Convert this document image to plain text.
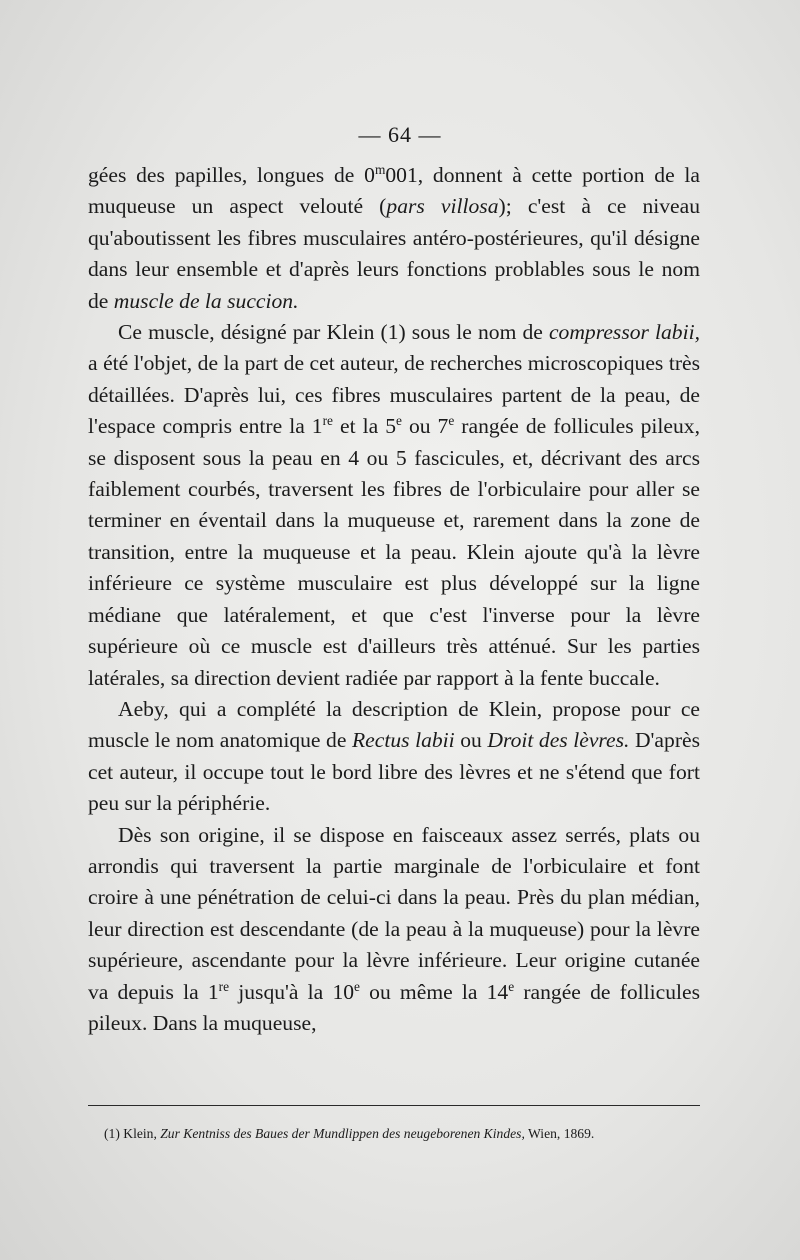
— 64 —

gées des papilles, longues de 0$^m$001, donnent à cette portion de la muqueuse un aspect velouté (pars villosa); c'est à ce niveau qu'aboutissent les fibres musculaires antéro-postérieures, qu'il désigne dans leur ensemble et d'après leurs fonctions problables sous le nom de muscle de la succion.

Ce muscle, désigné par Klein (1) sous le nom de compressor labii, a été l'objet, de la part de cet auteur, de recherches microscopiques très détaillées. D'après lui, ces fibres musculaires partent de la peau, de l'espace compris entre la 1re et la 5e ou 7e rangée de follicules pileux, se disposent sous la peau en 4 ou 5 fascicules, et, décrivant des arcs faiblement courbés, traversent les fibres de l'orbiculaire pour aller se terminer en éventail dans la muqueuse et, rarement dans la zone de transition, entre la muqueuse et la peau. Klein ajoute qu'à la lèvre inférieure ce système musculaire est plus développé sur la ligne médiane que latéralement, et que c'est l'inverse pour la lèvre supérieure où ce muscle est d'ailleurs très atténué. Sur les parties latérales, sa direction devient radiée par rapport à la fente buccale.

Aeby, qui a complété la description de Klein, propose pour ce muscle le nom anatomique de Rectus labii ou Droit des lèvres. D'après cet auteur, il occupe tout le bord libre des lèvres et ne s'étend que fort peu sur la périphérie.

Dès son origine, il se dispose en faisceaux assez serrés, plats ou arrondis qui traversent la partie marginale de l'orbiculaire et font croire à une pénétration de celui-ci dans la peau. Près du plan médian, leur direction est descendante (de la peau à la muqueuse) pour la lèvre supérieure, ascendante pour la lèvre inférieure. Leur origine cutanée va depuis la 1re jusqu'à la 10e ou même la 14e rangée de follicules pileux. Dans la muqueuse,

(1) Klein, Zur Kentniss des Baues der Mundlippen des neugeborenen Kindes, Wien, 1869.
